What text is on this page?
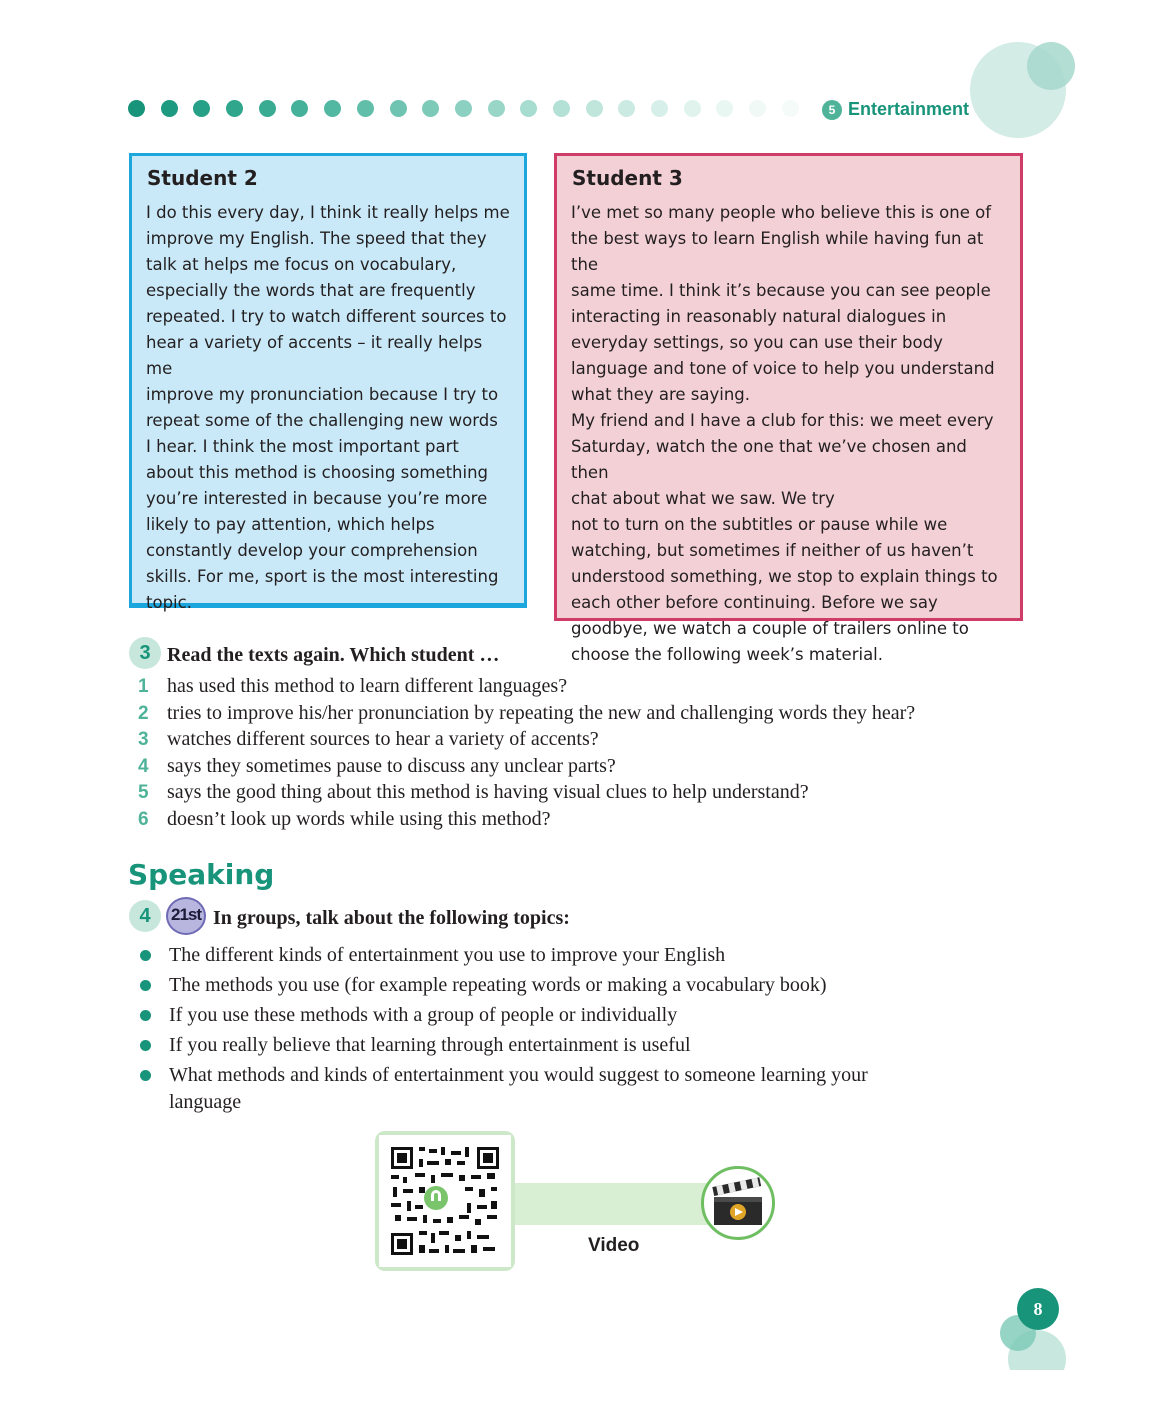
5 Entertainment
Student 2

I do this every day, I think it really helps me
improve my English. The speed that they
talk at helps me focus on vocabulary,
especially the words that are frequently
repeated. I try to watch different sources to
hear a variety of accents – it really helps me
improve my pronunciation because I try to
repeat some of the challenging new words
I hear. I think the most important part
about this method is choosing something
you’re interested in because you’re more
likely to pay attention, which helps
constantly develop your comprehension
skills. For me, sport is the most interesting
topic.

Student 3

I’ve met so many people who believe this is one of
the best ways to learn English while having fun at the
same time. I think it’s because you can see people
interacting in reasonably natural dialogues in
everyday settings, so you can use their body
language and tone of voice to help you understand
what they are saying.
My friend and I have a club for this: we meet every
Saturday, watch the one that we’ve chosen and then
chat about what we saw. We try
not to turn on the subtitles or pause while we
watching, but sometimes if neither of us haven’t
understood something, we stop to explain things to
each other before continuing. Before we say
goodbye, we watch a couple of trailers online to
choose the following week’s material.

3 Read the texts again. Which student …
1 has used this method to learn different languages?
2 tries to improve his/her pronunciation by repeating the new and challenging words they hear?
3 watches different sources to hear a variety of accents?
4 says they sometimes pause to discuss any unclear parts?
5 says the good thing about this method is having visual clues to help understand?
6 doesn’t look up words while using this method?
Speaking
4	21st In groups, talk about the following topics:
The different kinds of entertainment you use to improve your English
The methods you use (for example repeating words or making a vocabulary book)
If you use these methods with a group of people or individually
If you really believe that learning through entertainment is useful
What methods and kinds of entertainment you would suggest to someone learning your language
Video
8
